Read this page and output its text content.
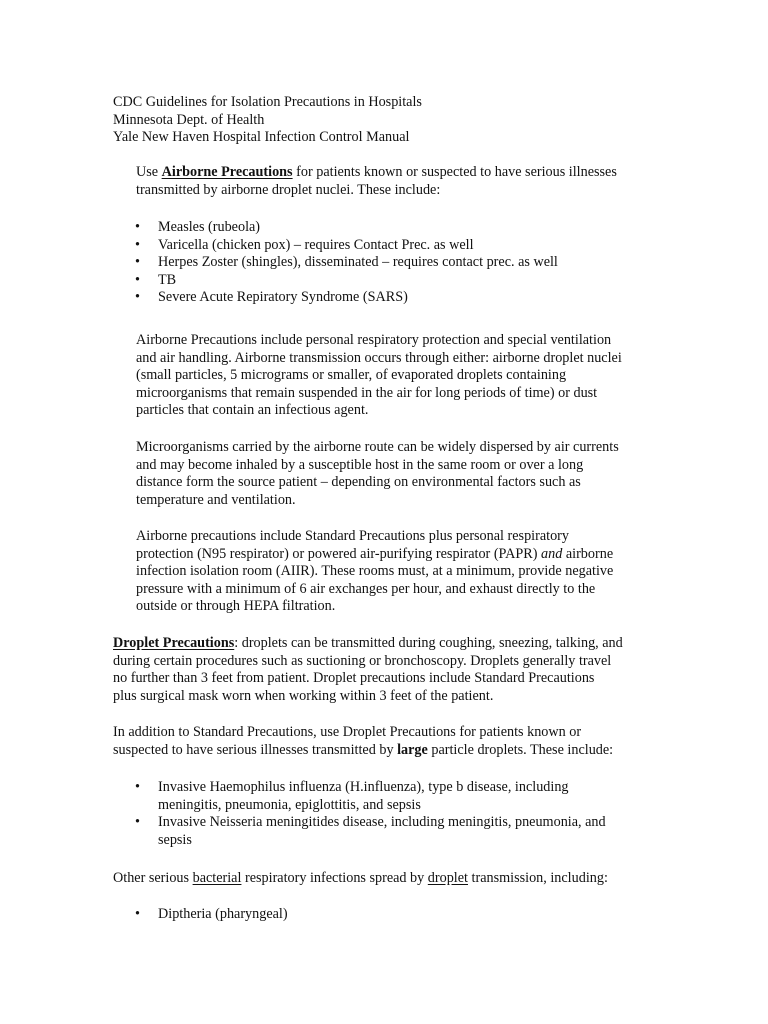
CDC Guidelines for Isolation Precautions in Hospitals
Minnesota Dept. of Health
Yale New Haven Hospital Infection Control Manual

Use Airborne Precautions for patients known or suspected to have serious illnesses
transmitted by airborne droplet nuclei. These include:

• Measles (rubeola)
• Varicella (chicken pox) – requires Contact Prec. as well
• Herpes Zoster (shingles), disseminated – requires contact prec. as well
• TB
• Severe Acute Repiratory Syndrome (SARS)

Airborne Precautions include personal respiratory protection and special ventilation
and air handling. Airborne transmission occurs through either: airborne droplet nuclei
(small particles, 5 micrograms or smaller, of evaporated droplets containing
microorganisms that remain suspended in the air for long periods of time) or dust
particles that contain an infectious agent.

Microorganisms carried by the airborne route can be widely dispersed by air currents
and may become inhaled by a susceptible host in the same room or over a long
distance form the source patient – depending on environmental factors such as
temperature and ventilation.

Airborne precautions include Standard Precautions plus personal respiratory
protection (N95 respirator) or powered air-purifying respirator (PAPR) and airborne
infection isolation room (AIIR). These rooms must, at a minimum, provide negative
pressure with a minimum of 6 air exchanges per hour, and exhaust directly to the
outside or through HEPA filtration.

Droplet Precautions: droplets can be transmitted during coughing, sneezing, talking, and
during certain procedures such as suctioning or bronchoscopy. Droplets generally travel
no further than 3 feet from patient. Droplet precautions include Standard Precautions
plus surgical mask worn when working within 3 feet of the patient.

In addition to Standard Precautions, use Droplet Precautions for patients known or
suspected to have serious illnesses transmitted by large particle droplets. These include:

• Invasive Haemophilus influenza (H.influenza), type b disease, including
meningitis, pneumonia, epiglottitis, and sepsis
• Invasive Neisseria meningitides disease, including meningitis, pneumonia, and
sepsis

Other serious bacterial respiratory infections spread by droplet transmission, including:

• Diptheria (pharyngeal)
